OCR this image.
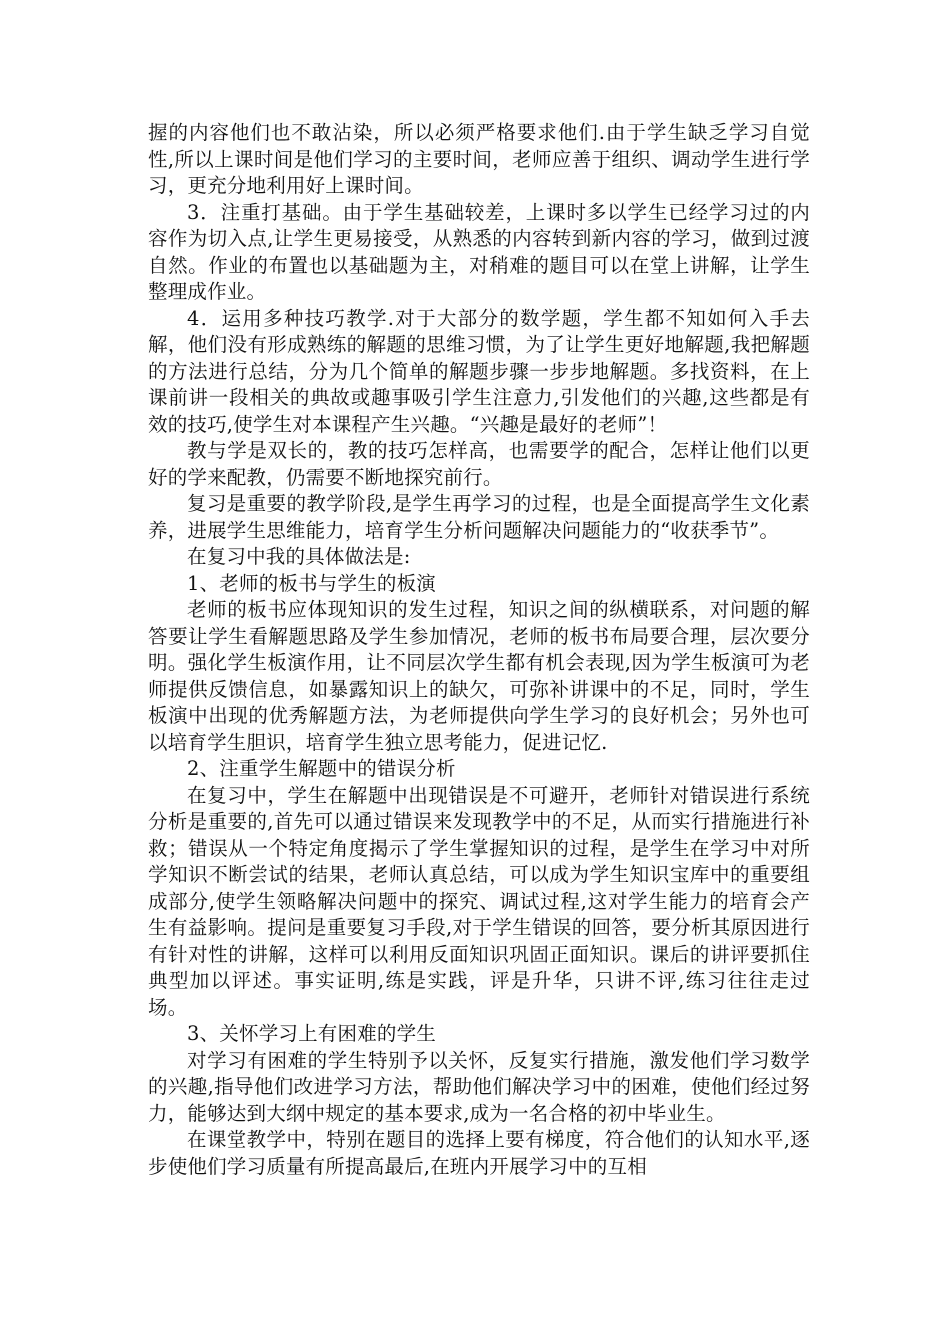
握的内容他们也不敢沾染，所以必须严格要求他们.由于学生缺乏学习自觉性,所以上课时间是他们学习的主要时间，老师应善于组织、调动学生进行学习，更充分地利用好上课时间。

3．注重打基础。由于学生基础较差，上课时多以学生已经学习过的内容作为切入点,让学生更易接受，从熟悉的内容转到新内容的学习，做到过渡自然。作业的布置也以基础题为主，对稍难的题目可以在堂上讲解，让学生整理成作业。

4．运用多种技巧教学.对于大部分的数学题，学生都不知如何入手去解，他们没有形成熟练的解题的思维习惯，为了让学生更好地解题,我把解题的方法进行总结，分为几个简单的解题步骤一步步地解题。多找资料，在上课前讲一段相关的典故或趣事吸引学生注意力,引发他们的兴趣,这些都是有效的技巧,使学生对本课程产生兴趣。“兴趣是最好的老师”！

教与学是双长的，教的技巧怎样高，也需要学的配合，怎样让他们以更好的学来配教，仍需要不断地探究前行。

复习是重要的教学阶段,是学生再学习的过程，也是全面提高学生文化素养，进展学生思维能力，培育学生分析问题解决问题能力的“收获季节”。

在复习中我的具体做法是:

1、老师的板书与学生的板演

老师的板书应体现知识的发生过程，知识之间的纵横联系，对问题的解答要让学生看解题思路及学生参加情况，老师的板书布局要合理，层次要分明。强化学生板演作用，让不同层次学生都有机会表现,因为学生板演可为老师提供反馈信息，如暴露知识上的缺欠，可弥补讲课中的不足，同时，学生板演中出现的优秀解题方法，为老师提供向学生学习的良好机会；另外也可以培育学生胆识，培育学生独立思考能力，促进记忆.

2、注重学生解题中的错误分析

在复习中，学生在解题中出现错误是不可避开，老师针对错误进行系统分析是重要的,首先可以通过错误来发现教学中的不足，从而实行措施进行补救；错误从一个特定角度揭示了学生掌握知识的过程，是学生在学习中对所学知识不断尝试的结果，老师认真总结，可以成为学生知识宝库中的重要组成部分,使学生领略解决问题中的探究、调试过程,这对学生能力的培育会产生有益影响。提问是重要复习手段,对于学生错误的回答，要分析其原因进行有针对性的讲解，这样可以利用反面知识巩固正面知识。课后的讲评要抓住典型加以评述。事实证明,练是实践，评是升华，只讲不评,练习往往走过场。

3、关怀学习上有困难的学生

对学习有困难的学生特别予以关怀，反复实行措施，激发他们学习数学的兴趣,指导他们改进学习方法，帮助他们解决学习中的困难，使他们经过努力，能够达到大纲中规定的基本要求,成为一名合格的初中毕业生。

在课堂教学中，特别在题目的选择上要有梯度，符合他们的认知水平,逐步使他们学习质量有所提高最后,在班内开展学习中的互相
